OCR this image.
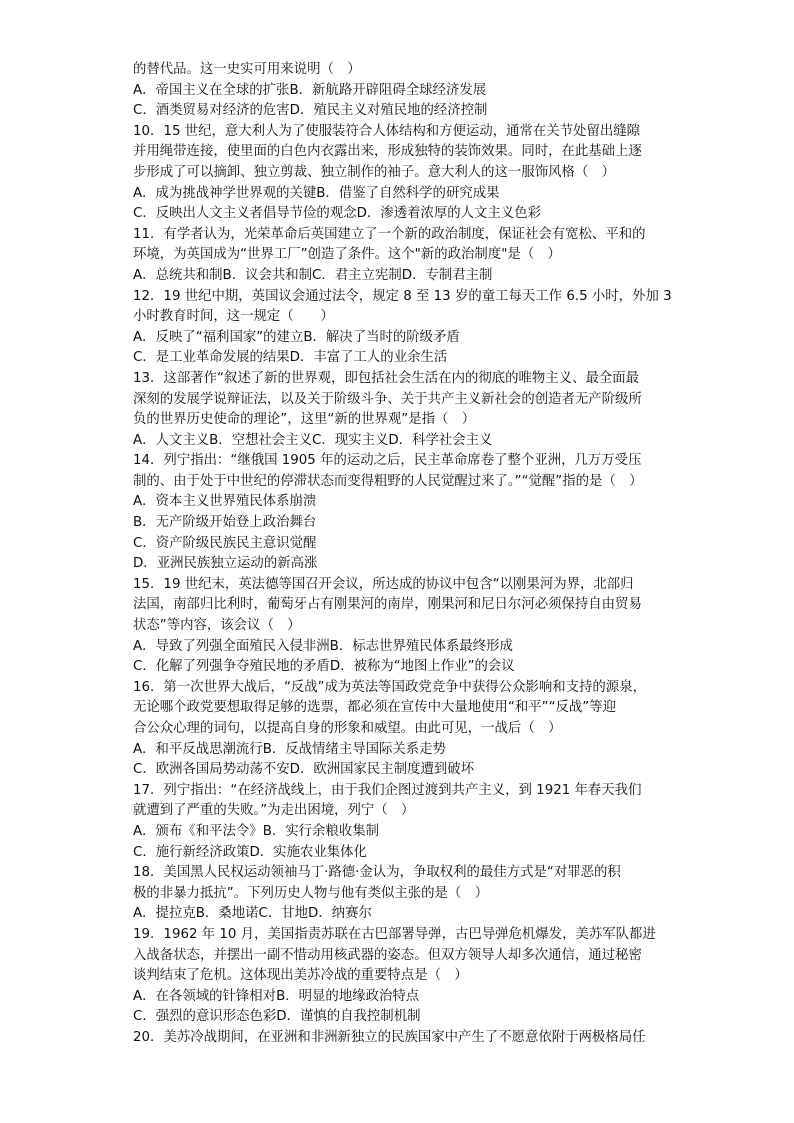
的替代品。这一史实可用来说明（　）
A．帝国主义在全球的扩张B．新航路开辟阻碍全球经济发展
C．酒类贸易对经济的危害D．殖民主义对殖民地的经济控制
10．15 世纪，意大利人为了使服装符合人体结构和方便运动，通常在关节处留出缝隙
并用绳带连接，使里面的白色内衣露出来，形成独特的装饰效果。同时，在此基础上逐
步形成了可以摘卸、独立剪裁、独立制作的袖子。意大利人的这一服饰风格（　）
A．成为挑战神学世界观的关键B．借鉴了自然科学的研究成果
C．反映出人文主义者倡导节俭的观念D．渗透着浓厚的人文主义色彩
11．有学者认为，光荣革命后英国建立了一个新的政治制度，保证社会有宽松、平和的
环境，为英国成为“世界工厂”创造了条件。这个"新的政治制度"是（　）
A．总统共和制B．议会共和制C．君主立宪制D．专制君主制
12．19 世纪中期，英国议会通过法令，规定 8 至 13 岁的童工每天工作 6.5 小时，外加 3
小时教育时间，这一规定（　　）
A．反映了“福利国家”的建立B．解决了当时的阶级矛盾
C．是工业革命发展的结果D．丰富了工人的业余生活
13．这部著作“叙述了新的世界观，即包括社会生活在内的彻底的唯物主义、最全面最
深刻的发展学说辩证法，以及关于阶级斗争、关于共产主义新社会的创造者无产阶级所
负的世界历史使命的理论”，这里“新的世界观”是指（　）
A．人文主义B．空想社会主义C．现实主义D．科学社会主义
14．列宁指出：“继俄国 1905 年的运动之后，民主革命席卷了整个亚洲，几万万受压
制的、由于处于中世纪的停滞状态而变得粗野的人民觉醒过来了。”“觉醒”指的是（　）
A．资本主义世界殖民体系崩溃
B．无产阶级开始登上政治舞台
C．资产阶级民族民主意识觉醒
D．亚洲民族独立运动的新高涨
15．19 世纪末，英法德等国召开会议，所达成的协议中包含“以刚果河为界，北部归
法国，南部归比利时，葡萄牙占有刚果河的南岸，刚果河和尼日尔河必须保持自由贸易
状态”等内容，该会议（　）
A．导致了列强全面殖民入侵非洲B．标志世界殖民体系最终形成
C．化解了列强争夺殖民地的矛盾D．被称为“地图上作业”的会议
16．第一次世界大战后，“反战”成为英法等国政党竞争中获得公众影响和支持的源泉，
无论哪个政党要想取得足够的选票，都必须在宣传中大量地使用“和平”“反战”等迎
合公众心理的词句，以提高自身的形象和威望。由此可见，一战后（　）
A．和平反战思潮流行B．反战情绪主导国际关系走势
C．欧洲各国局势动荡不安D．欧洲国家民主制度遭到破坏
17．列宁指出：“在经济战线上，由于我们企图过渡到共产主义，到 1921 年春天我们
就遭到了严重的失败。”为走出困境，列宁（　）
A．颁布《和平法令》B．实行余粮收集制
C．施行新经济政策D．实施农业集体化
18．美国黑人民权运动领袖马丁·路德·金认为，争取权利的最佳方式是“对罪恶的积
极的非暴力抵抗”。下列历史人物与他有类似主张的是（　）
A．提拉克B．桑地诺C．甘地D．纳赛尔
19．1962 年 10 月，美国指责苏联在古巴部署导弹，古巴导弹危机爆发，美苏军队都进
入战备状态，并摆出一副不惜动用核武器的姿态。但双方领导人却多次通信，通过秘密
谈判结束了危机。这体现出美苏冷战的重要特点是（　）
A．在各领域的针锋相对B．明显的地缘政治特点
C．强烈的意识形态色彩D．谨慎的自我控制机制
20．美苏冷战期间，在亚洲和非洲新独立的民族国家中产生了不愿意依附于两极格局任
